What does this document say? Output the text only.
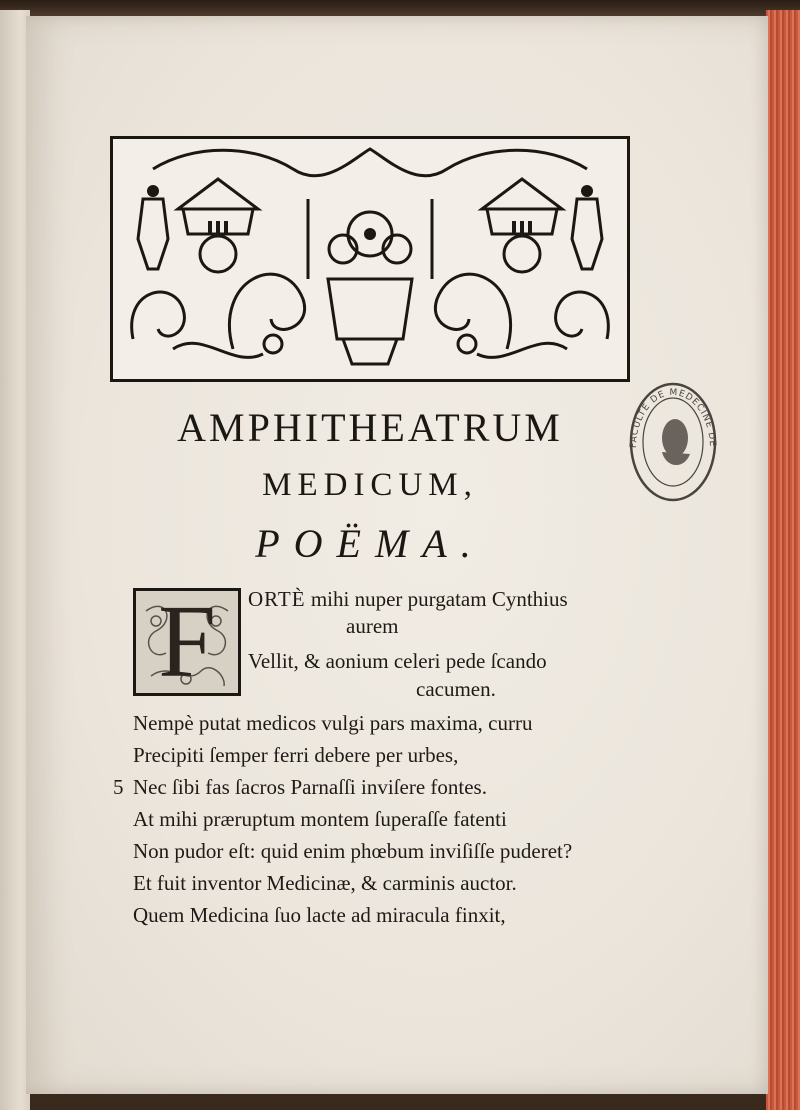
FACULTE DE MEDECINE DE
AMPHITHEATRUM
MEDICUM,
POËMA.
F	ORTÈ mihi nuper purgatam Cynthius
aurem
Vellit, & aonium celeri pede ſcando
cacumen.
Nempè putat medicos vulgi pars maxima, curru
Precipiti ſemper ferri debere per urbes,
5 Nec ſibi fas ſacros Parnaſſi inviſere fontes.
At mihi præruptum montem ſuperaſſe fatenti
Non pudor eſt: quid enim phœbum inviſiſſe puderet?
Et fuit inventor Medicinæ, & carminis auctor.
Quem Medicina ſuo lacte ad miracula finxit,
